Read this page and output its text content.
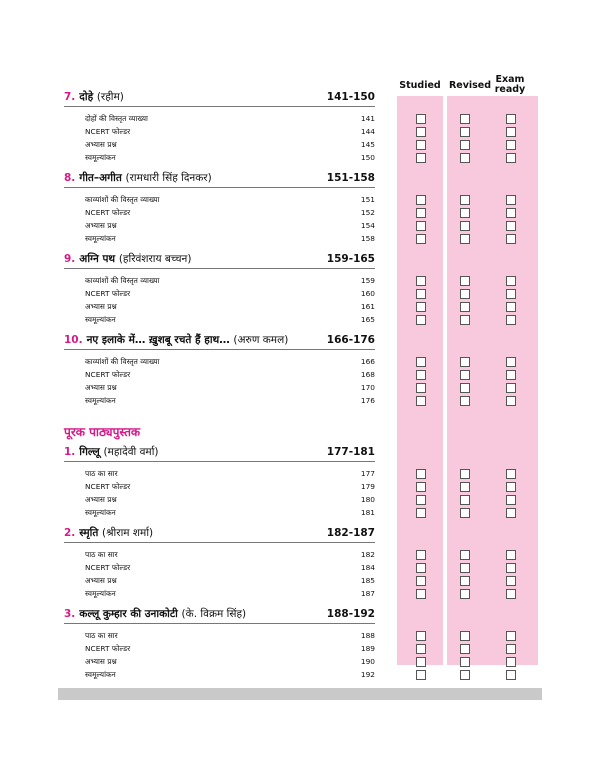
Studied Revised
Exam ready
7. दोहे (रहीम)	141-150
दोहों की विस्तृत व्याख्या	141
NCERT फोल्डर	144
अभ्यास प्रश्न	145
स्वमूल्यांकन	150
8. गीत–अगीत (रामधारी सिंह दिनकर)	151-158
काव्यांशों की विस्तृत व्याख्या	151
NCERT फोल्डर	152
अभ्यास प्रश्न	154
स्वमूल्यांकन	158
9. अग्नि पथ (हरिवंशराय बच्चन)	159-165
काव्यांशों की विस्तृत व्याख्या	159
NCERT फोल्डर	160
अभ्यास प्रश्न	161
स्वमूल्यांकन	165
10. नए इलाके में… ख़ुशबू रचते हैं हाथ… (अरुण कमल)	166-176
काव्यांशों की विस्तृत व्याख्या	166
NCERT फोल्डर	168
अभ्यास प्रश्न	170
स्वमूल्यांकन	176
पूरक पाठ्यपुस्तक
1. गिल्लू (महादेवी वर्मा)	177-181
पाठ का सार	177
NCERT फोल्डर	179
अभ्यास प्रश्न	180
स्वमूल्यांकन	181
2. स्मृति (श्रीराम शर्मा)	182-187
पाठ का सार	182
NCERT फोल्डर	184
अभ्यास प्रश्न	185
स्वमूल्यांकन	187
3. कल्लू कुम्हार की उनाकोटी (के. विक्रम सिंह)	188-192
पाठ का सार	188
NCERT फोल्डर	189
अभ्यास प्रश्न	190
स्वमूल्यांकन	192
